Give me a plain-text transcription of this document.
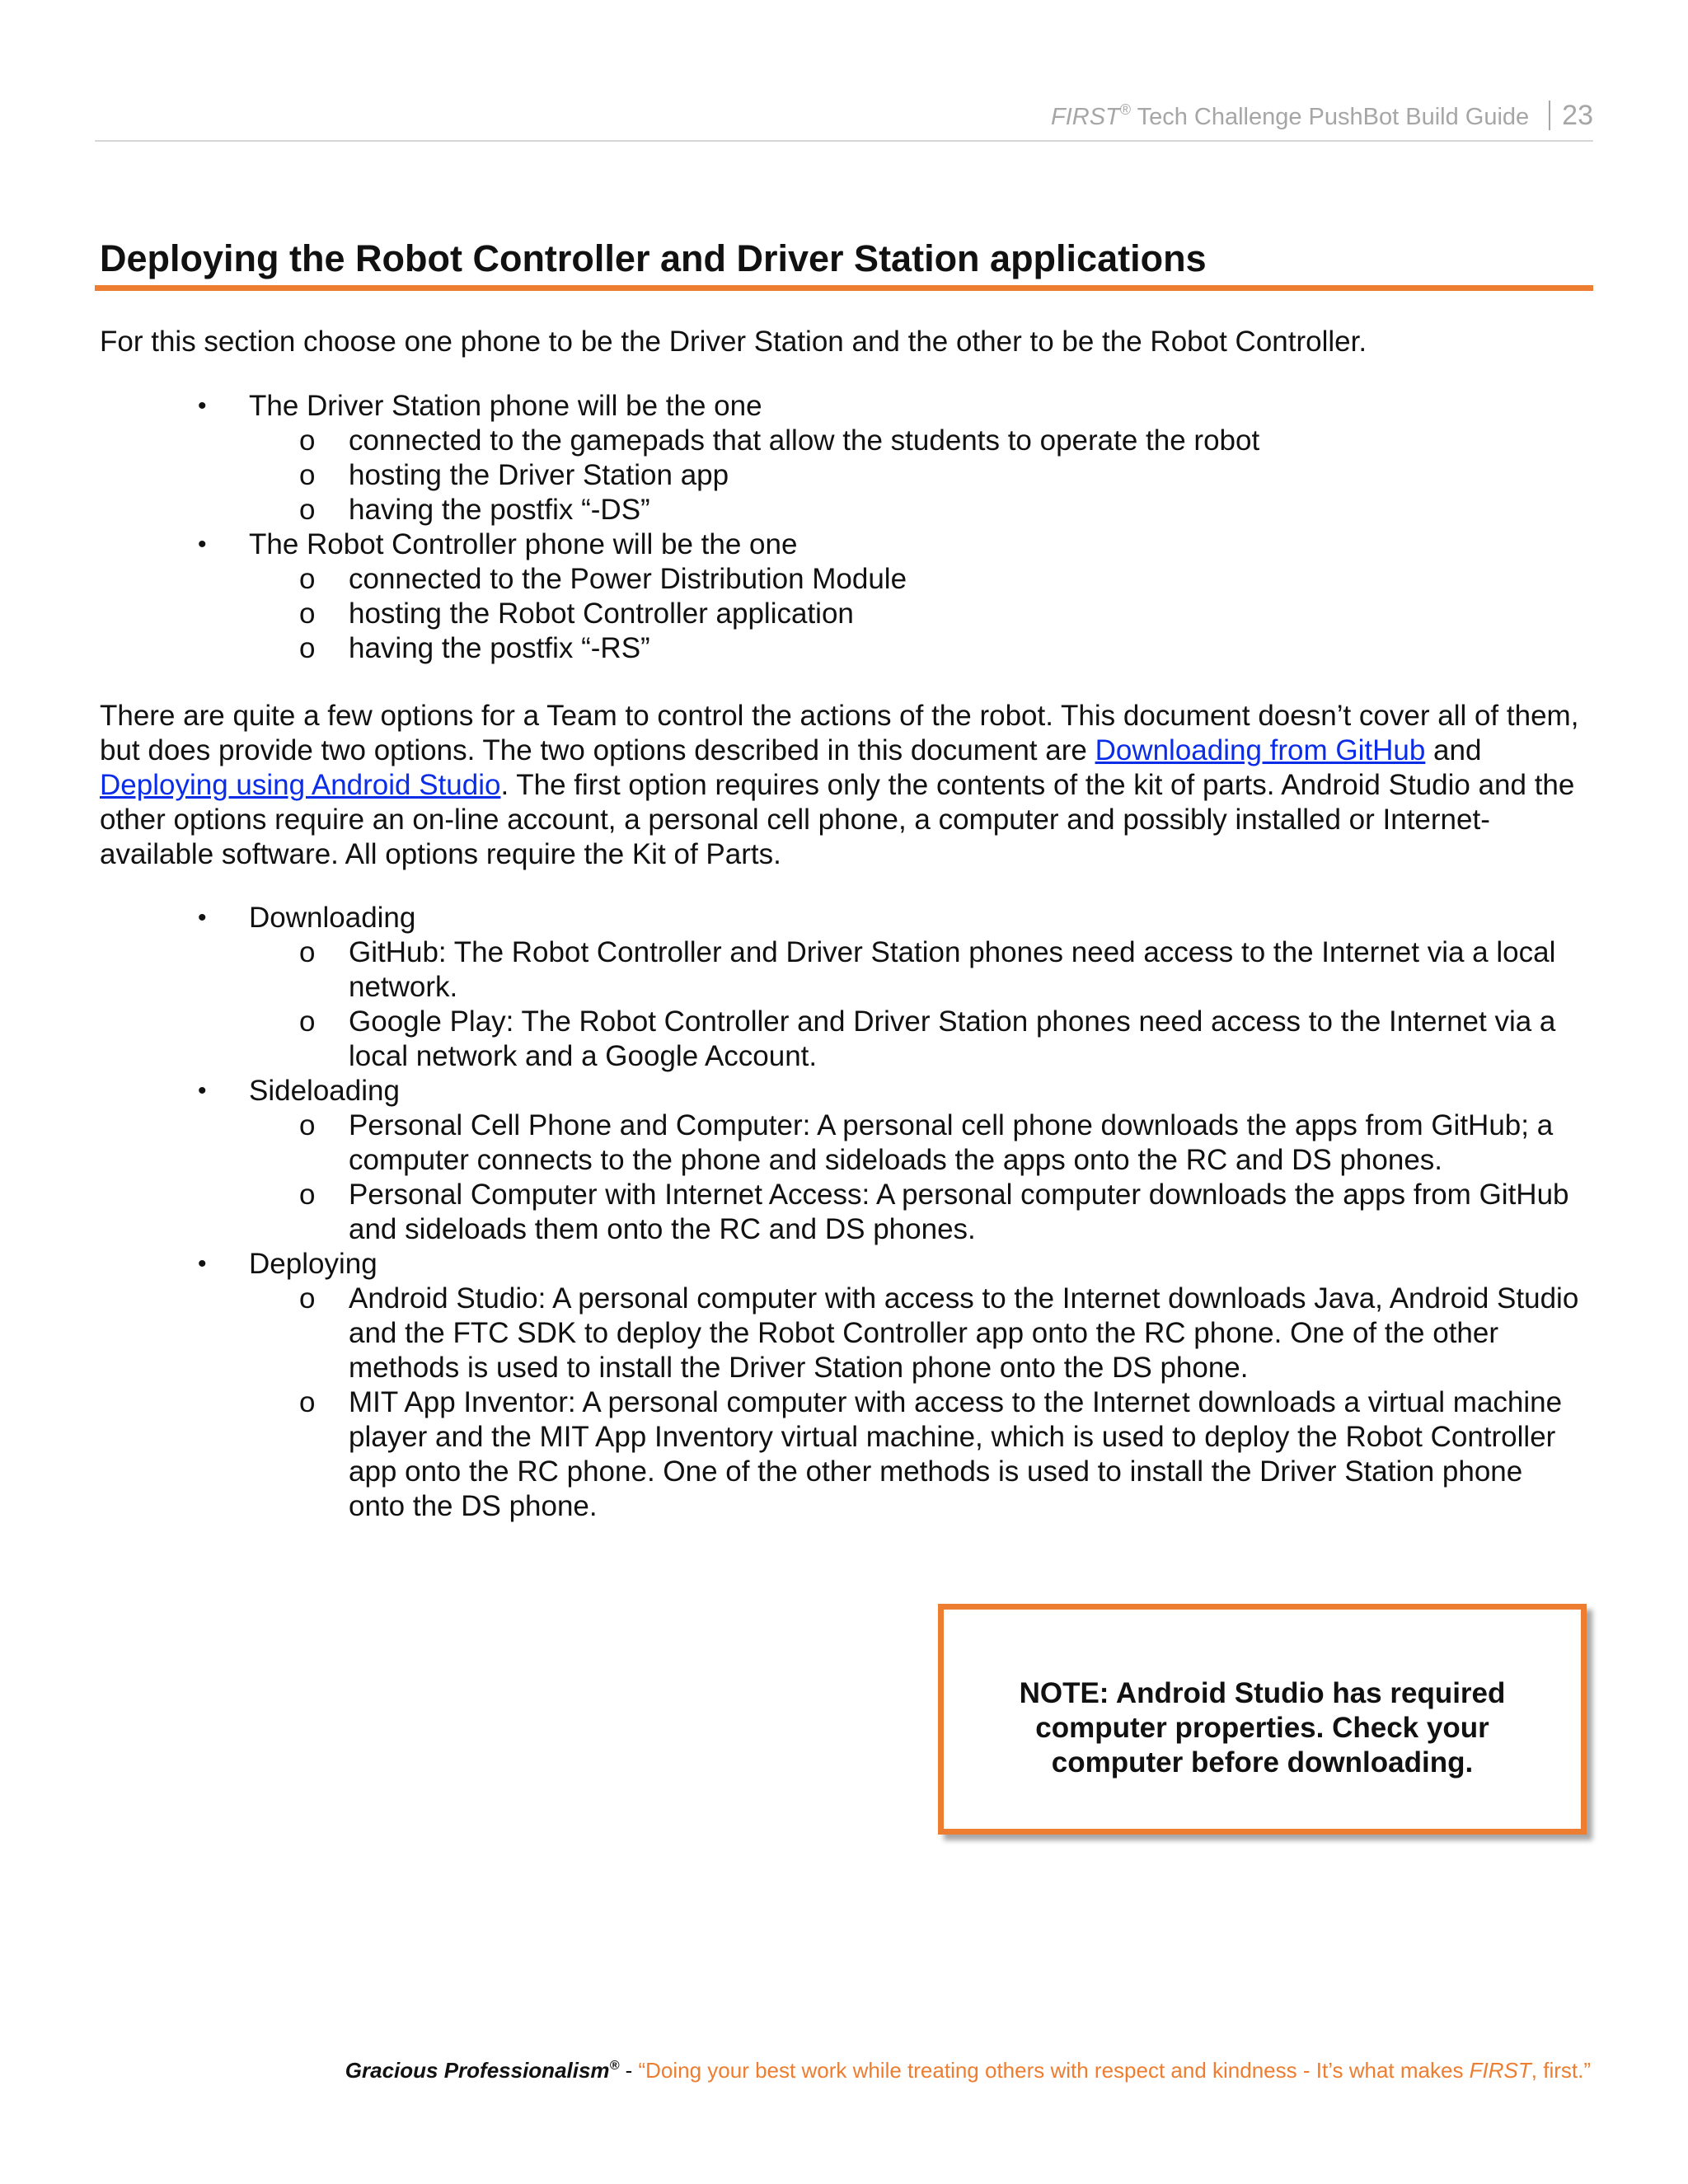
FIRST® Tech Challenge PushBot Build Guide 23
Deploying the Robot Controller and Driver Station applications

For this section choose one phone to be the Driver Station and the other to be the Robot Controller.

• The Driver Station phone will be the one
o connected to the gamepads that allow the students to operate the robot
o hosting the Driver Station app
o having the postfix “-DS”
• The Robot Controller phone will be the one
o connected to the Power Distribution Module
o hosting the Robot Controller application
o having the postfix “-RS”

There are quite a few options for a Team to control the actions of the robot. This document doesn’t cover all of them, but does provide two options. The two options described in this document are Downloading from GitHub and Deploying using Android Studio. The first option requires only the contents of the kit of parts. Android Studio and the other options require an on-line account, a personal cell phone, a computer and possibly installed or Internet-available software. All options require the Kit of Parts.

• Downloading
o GitHub: The Robot Controller and Driver Station phones need access to the Internet via a local network.
o Google Play: The Robot Controller and Driver Station phones need access to the Internet via a local network and a Google Account.
• Sideloading
o Personal Cell Phone and Computer: A personal cell phone downloads the apps from GitHub; a computer connects to the phone and sideloads the apps onto the RC and DS phones.
o Personal Computer with Internet Access: A personal computer downloads the apps from GitHub and sideloads them onto the RC and DS phones.
• Deploying
o Android Studio: A personal computer with access to the Internet downloads Java, Android Studio and the FTC SDK to deploy the Robot Controller app onto the RC phone. One of the other methods is used to install the Driver Station phone onto the DS phone.
o MIT App Inventor: A personal computer with access to the Internet downloads a virtual machine player and the MIT App Inventory virtual machine, which is used to deploy the Robot Controller app onto the RC phone. One of the other methods is used to install the Driver Station phone onto the DS phone.
NOTE: Android Studio has required computer properties. Check your computer before downloading.
Gracious Professionalism® - “Doing your best work while treating others with respect and kindness - It’s what makes FIRST, first.”
